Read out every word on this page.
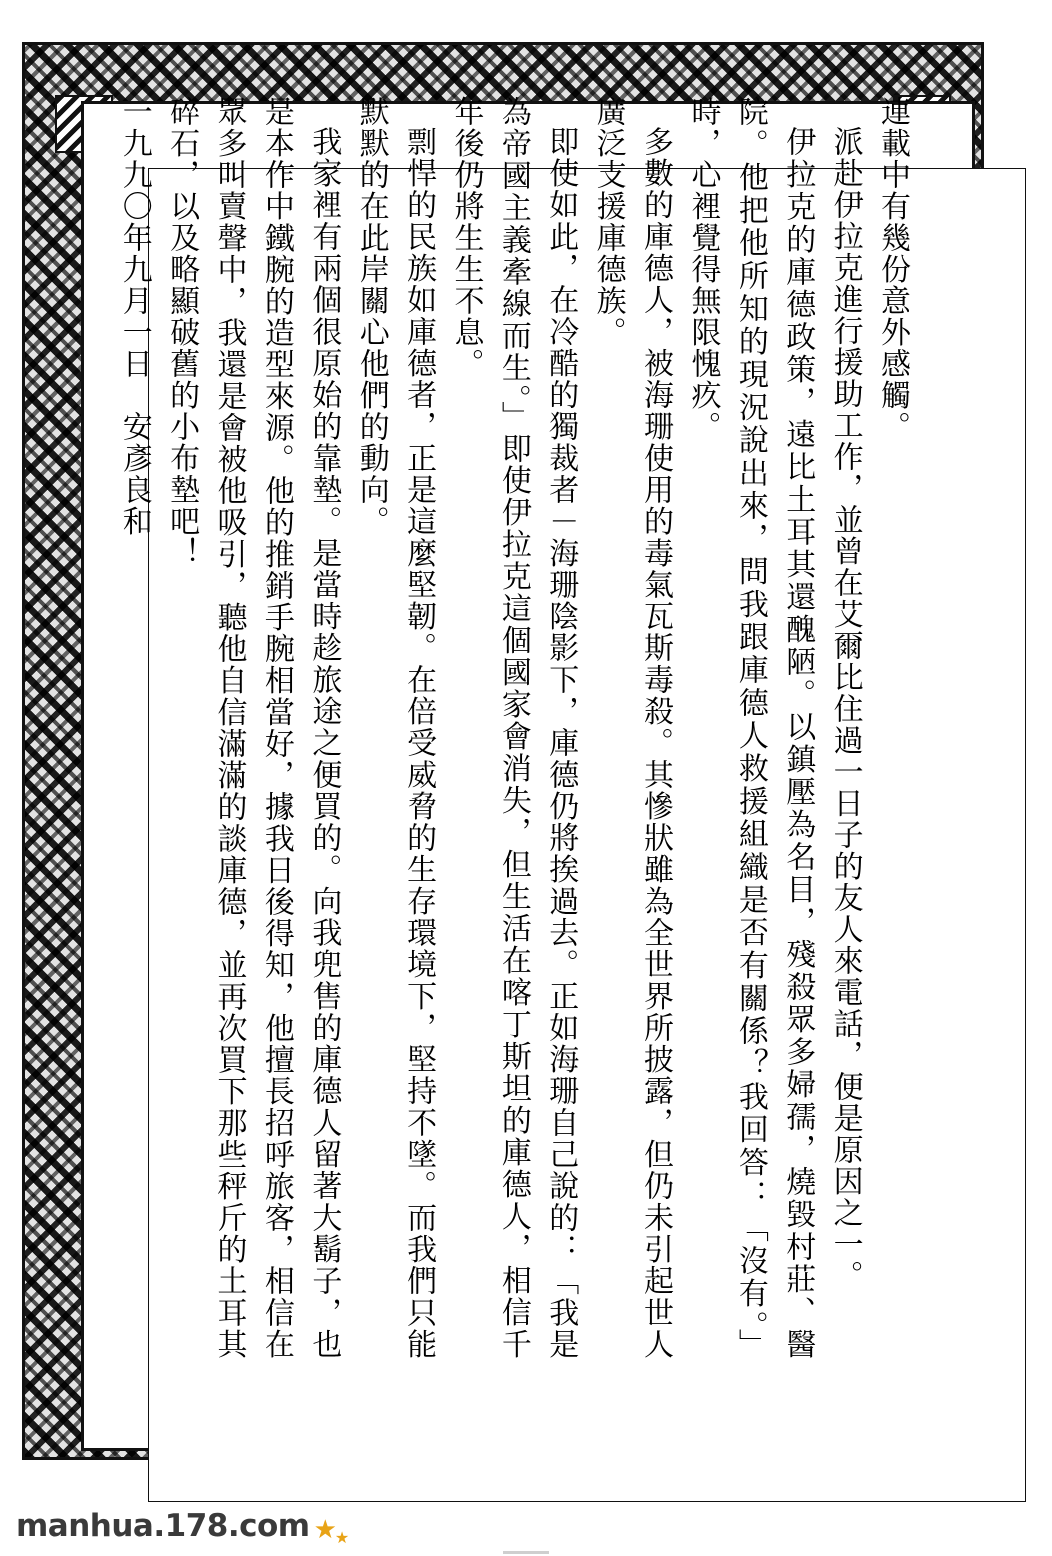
連載中有幾份意外感觸。

派赴伊拉克進行援助工作，並曾在艾爾比住過一日子的友人來電話，便是原因之一。

伊拉克的庫德政策，遠比土耳其還醜陋。以鎮壓為名目，殘殺眾多婦孺，燒毀村莊、醫院。他把他所知的現況說出來，問我跟庫德人救援組織是否有關係？我回答：「沒有。」時，心裡覺得無限愧疚。

多數的庫德人，被海珊使用的毒氣瓦斯毒殺。其慘狀雖為全世界所披露，但仍未引起世人廣泛支援庫德族。

即使如此，在冷酷的獨裁者－海珊陰影下，庫德仍將挨過去。正如海珊自己說的：「我是為帝國主義牽線而生。」即使伊拉克這個國家會消失，但生活在喀丁斯坦的庫德人，相信千年後仍將生生不息。

剽悍的民族如庫德者，正是這麼堅韌。在倍受威脅的生存環境下，堅持不墜。而我們只能默默的在此岸關心他們的動向。

我家裡有兩個很原始的靠墊。是當時趁旅途之便買的。向我兜售的庫德人留著大鬍子，也是本作中鐵腕的造型來源。他的推銷手腕相當好，據我日後得知，他擅長招呼旅客，相信在眾多叫賣聲中，我還是會被他吸引，聽他自信滿滿的談庫德，並再次買下那些秤斤的土耳其碎石，以及略顯破舊的小布墊吧！

一九九〇年九月一日　安彥良和

manhua.178.com ★
★
